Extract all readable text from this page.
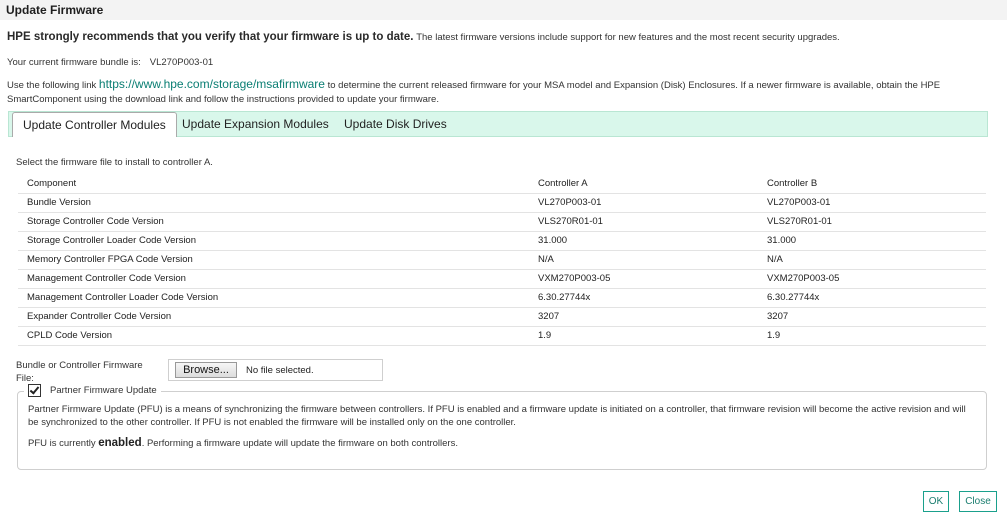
Update Firmware
HPE strongly recommends that you verify that your firmware is up to date. The latest firmware versions include support for new features and the most recent security upgrades.
Your current firmware bundle is: VL270P003-01
Use the following link https://www.hpe.com/storage/msafirmware to determine the current released firmware for your MSA model and Expansion (Disk) Enclosures. If a newer firmware is available, obtain the HPE SmartComponent using the download link and follow the instructions provided to update your firmware.
Update Controller Modules	Update Expansion Modules Update Disk Drives
Select the firmware file to install to controller A.
Component	Controller A	Controller B
Bundle Version	VL270P003-01	VL270P003-01
Storage Controller Code Version	VLS270R01-01	VLS270R01-01
Storage Controller Loader Code Version	31.000	31.000
Memory Controller FPGA Code Version	N/A	N/A
Management Controller Code Version	VXM270P003-05	VXM270P003-05
Management Controller Loader Code Version	6.30.27744x	6.30.27744x
Expander Controller Code Version	3207	3207
CPLD Code Version	1.9	1.9
Bundle or Controller Firmware File:
Browse...	No file selected.
Partner Firmware Update
Partner Firmware Update (PFU) is a means of synchronizing the firmware between controllers. If PFU is enabled and a firmware update is initiated on a controller, that firmware revision will become the active revision and will be synchronized to the other controller. If PFU is not enabled the firmware will be installed only on the one controller.
PFU is currently enabled. Performing a firmware update will update the firmware on both controllers.
OK	Close
